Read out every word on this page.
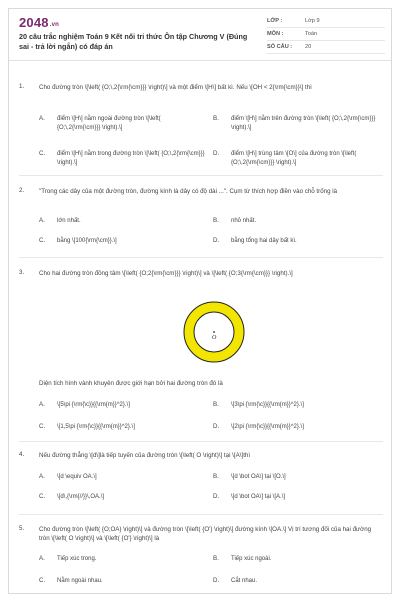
2048.vn
20 câu trắc nghiệm Toán 9 Kết nối tri thức Ôn tập Chương V (Đúng sai - trả lời ngắn) có đáp án
LỚP :	Lớp 9
MÔN :	Toán
SỐ CÂU :	20
1. Cho đường tròn \[\left( {O;\,2{\rm{\cm}}} \right)\] và một điểm \[H\] bất kì. Nếu \[OH < 2{\rm{\cm}}\] thì
A.	điểm \[H\] nằm ngoài đường tròn \[\left( {O;\,2{\rm{\cm}}} \right).\]
B.	điểm \[H\] nằm trên đường tròn \[\left( {O;\,2{\rm{\cm}}} \right).\]
C.	điểm \[H\] nằm trong đường tròn \[\left( {O;\,2{\rm{\cm}}} \right).\]
D.	điểm \[H\] trùng tâm \[O\] của đường tròn \[\left( {O;\,2{\rm{\cm}}} \right).\]
2. "Trong các dây của một đường tròn, đường kính là dây có độ dài ...". Cụm từ thích hợp điền vào chỗ trống là
A.	lớn nhất.	B.	nhỏ nhất.
C.	bằng \[100{\rm{\cm}}.\]	D.	bằng tổng hai dây bất kì.
3. Cho hai đường tròn đồng tâm \[\left( {O;2{\rm{\cm}}} \right)\] và \[\left( {O;3{\rm{\cm}}} \right).\]
O
Diện tích hình vành khuyên được giới hạn bởi hai đường tròn đó là
A.	\[5\pi {\rm{\c}}{{\rm{m}}^2}.\]	B.	\[3\pi {\rm{\c}}{{\rm{m}}^2}.\]
C.	\[1,5\pi {\rm{\c}}{{\rm{m}}^2}.\]	D.	\[2\pi {\rm{\c}}{{\rm{m}}^2}.\]
4. Nếu đường thẳng \[d\]là tiếp tuyến của đường tròn \[\left( O \right)\] tại \[A\]thì
A.	\[d \equiv OA.\]	B.	\[d \bot OA\] tại \[O.\]
C.	\[d\,{\rm{//}}\,OA.\]	D.	\[d \bot OA\] tại \[A.\]
5. Cho đường tròn \[\left( {O;OA} \right)\] và đường tròn \[\left( {O'} \right)\] đường kính \[OA.\] Vị trí tương đối của hai đường tròn \[\left( O \right)\] và \[\left( {O'} \right)\] là
A.	Tiếp xúc trong.	B.	Tiếp xúc ngoài.
C.	Nằm ngoài nhau.	D.	Cắt nhau.
